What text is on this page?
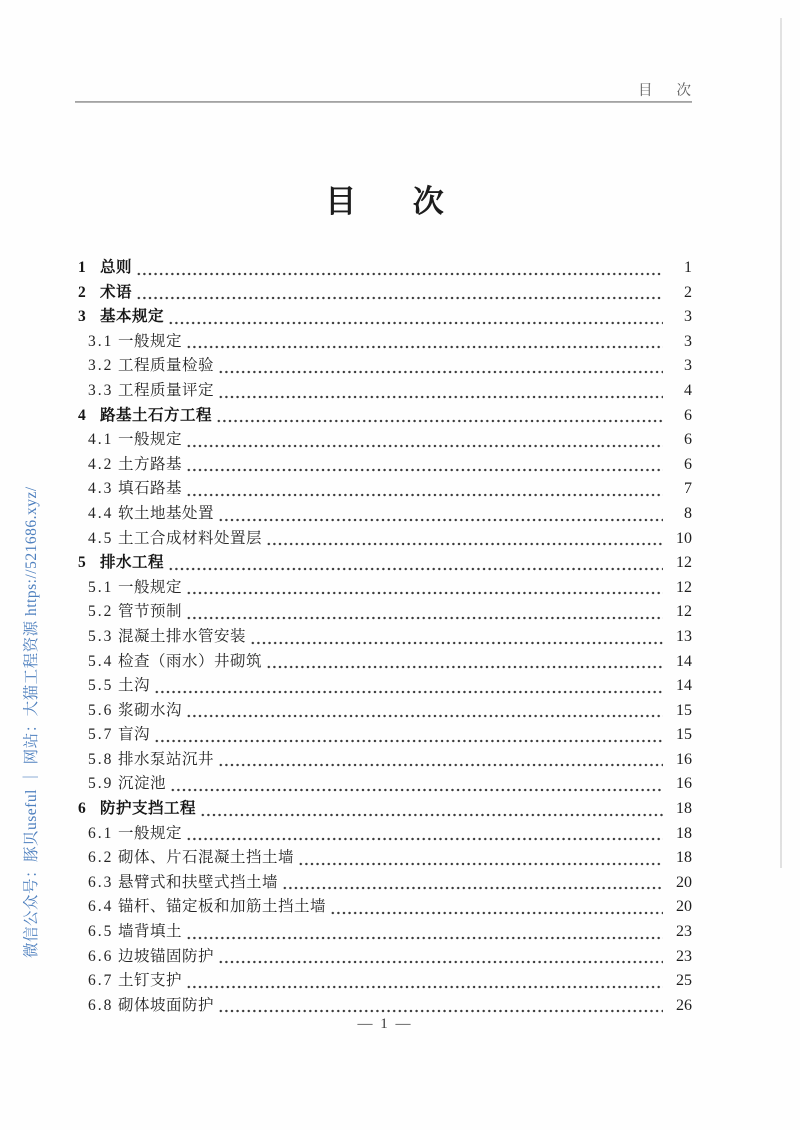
目 次
目 次
1 总则	1
2 术语	2
3 基本规定	3
3.1 一般规定	3
3.2 工程质量检验	3
3.3 工程质量评定	4
4 路基土石方工程	6
4.1 一般规定	6
4.2 土方路基	6
4.3 填石路基	7
4.4 软土地基处置	8
4.5 土工合成材料处置层	10
5 排水工程	12
5.1 一般规定	12
5.2 管节预制	12
5.3 混凝土排水管安装	13
5.4 检查（雨水）井砌筑	14
5.5 土沟	14
5.6 浆砌水沟	15
5.7 盲沟	15
5.8 排水泵站沉井	16
5.9 沉淀池	16
6 防护支挡工程	18
6.1 一般规定	18
6.2 砌体、片石混凝土挡土墙	18
6.3 悬臂式和扶壁式挡土墙	20
6.4 锚杆、锚定板和加筋土挡土墙	20
6.5 墙背填土	23
6.6 边坡锚固防护	23
6.7 土钉支护	25
6.8 砌体坡面防护	26
— 1 —
微信公众号：豚贝useful ｜ 网站：大猫工程资源 https://521686.xyz/
